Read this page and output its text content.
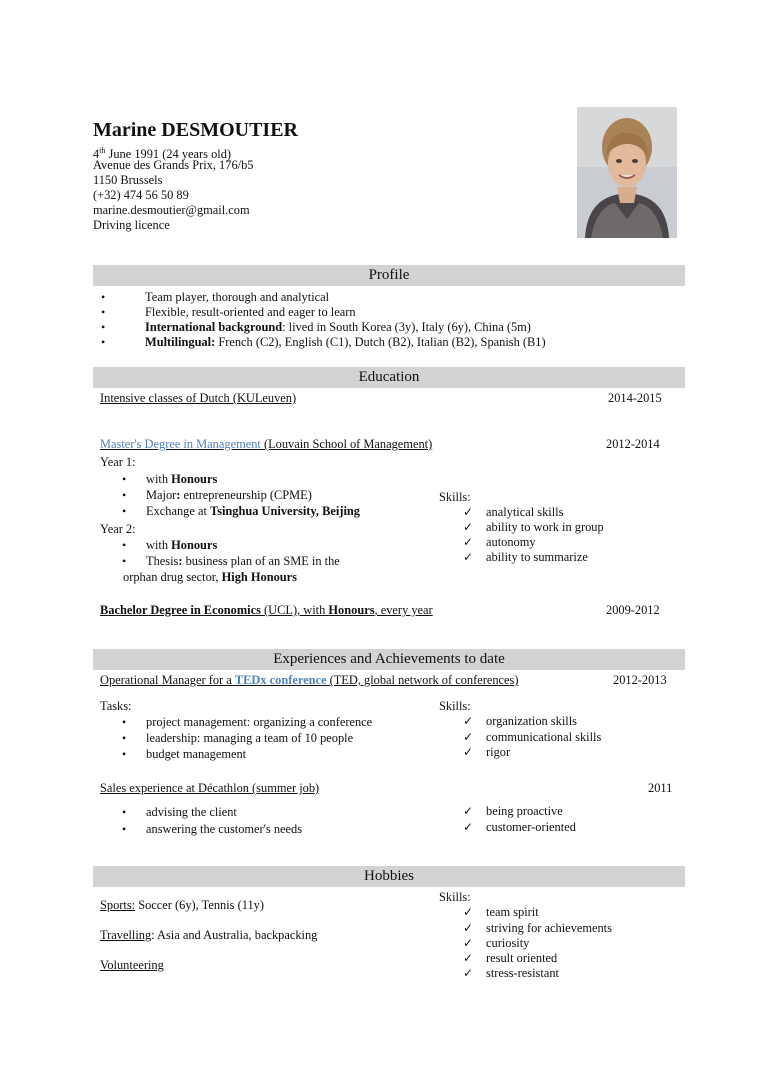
Marine DESMOUTIER
4th June 1991 (24 years old)
Avenue des Grands Prix, 176/b5
1150 Brussels
(+32) 474 56 50 89
marine.desmoutier@gmail.com
Driving licence
Profile
•	Team player, thorough and analytical
•	Flexible, result-oriented and eager to learn
•	International background: lived in South Korea (3y), Italy (6y), China (5m)
•	Multilingual: French (C2), English (C1), Dutch (B2), Italian (B2), Spanish (B1)
Education
Intensive classes of Dutch (KULeuven)	2014-2015
Master's Degree in Management (Louvain School of Management)	2012-2014
Year 1:
• with Honours
• Major: entrepreneurship (CPME)
• Exchange at Tsinghua University, Beijing
Year 2:
• with Honours
• Thesis: business plan of an SME in the
orphan drug sector, High Honours
Skills:
✓ analytical skills
✓ ability to work in group
✓ autonomy
✓ ability to summarize
Bachelor Degree in Economics (UCL), with Honours, every year	2009-2012
Experiences and Achievements to date
Operational Manager for a TEDx conference (TED, global network of conferences)	2012-2013
Tasks:
• project management: organizing a conference
• leadership: managing a team of 10 people
• budget management
Skills:
✓ organization skills
✓ communicational skills
✓ rigor
Sales experience at Décathlon (summer job)	2011
• advising the client
• answering the customer's needs
✓ being proactive
✓ customer-oriented
Hobbies
Sports: Soccer (6y), Tennis (11y)
Travelling: Asia and Australia, backpacking
Volunteering
Skills:
✓ team spirit
✓ striving for achievements
✓ curiosity
✓ result oriented
✓ stress-resistant
